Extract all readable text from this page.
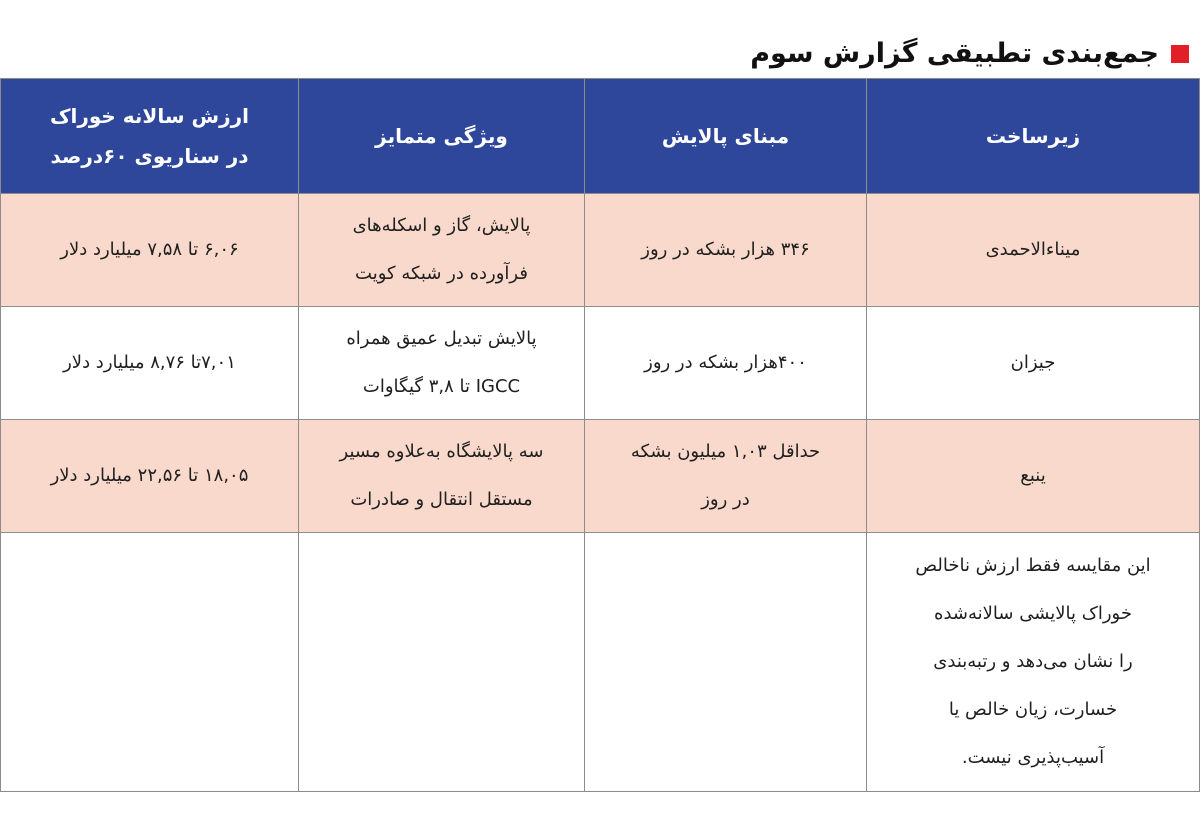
جمع‌بندی تطبیقی گزارش سوم
زیرساخت	مبنای پالایش	ویژگی متمایز	ارزش سالانه خوراک
در سناریوی ۶۰درصد

میناءالاحمدی	۳۴۶ هزار بشکه در روز	پالایش، گاز و اسکله‌های
فرآورده در شبکه کویت	۶,۰۶ تا ۷,۵۸ میلیارد دلار

جیزان	۴۰۰هزار بشکه در روز	پالایش تبدیل عمیق همراه
IGCC تا ۳,۸ گیگاوات	۷,۰۱تا ۸,۷۶ میلیارد دلار

ینبع	حداقل ۱,۰۳ میلیون بشکه
در روز	سه پالایشگاه به‌علاوه مسیر
مستقل انتقال و صادرات	۱۸,۰۵ تا ۲۲,۵۶ میلیارد دلار

این مقایسه فقط ارزش ناخالص
خوراک پالایشی سالانه‌شده
را نشان می‌دهد و رتبه‌بندی
خسارت، زیان خالص یا
آسیب‌پذیری نیست.			
